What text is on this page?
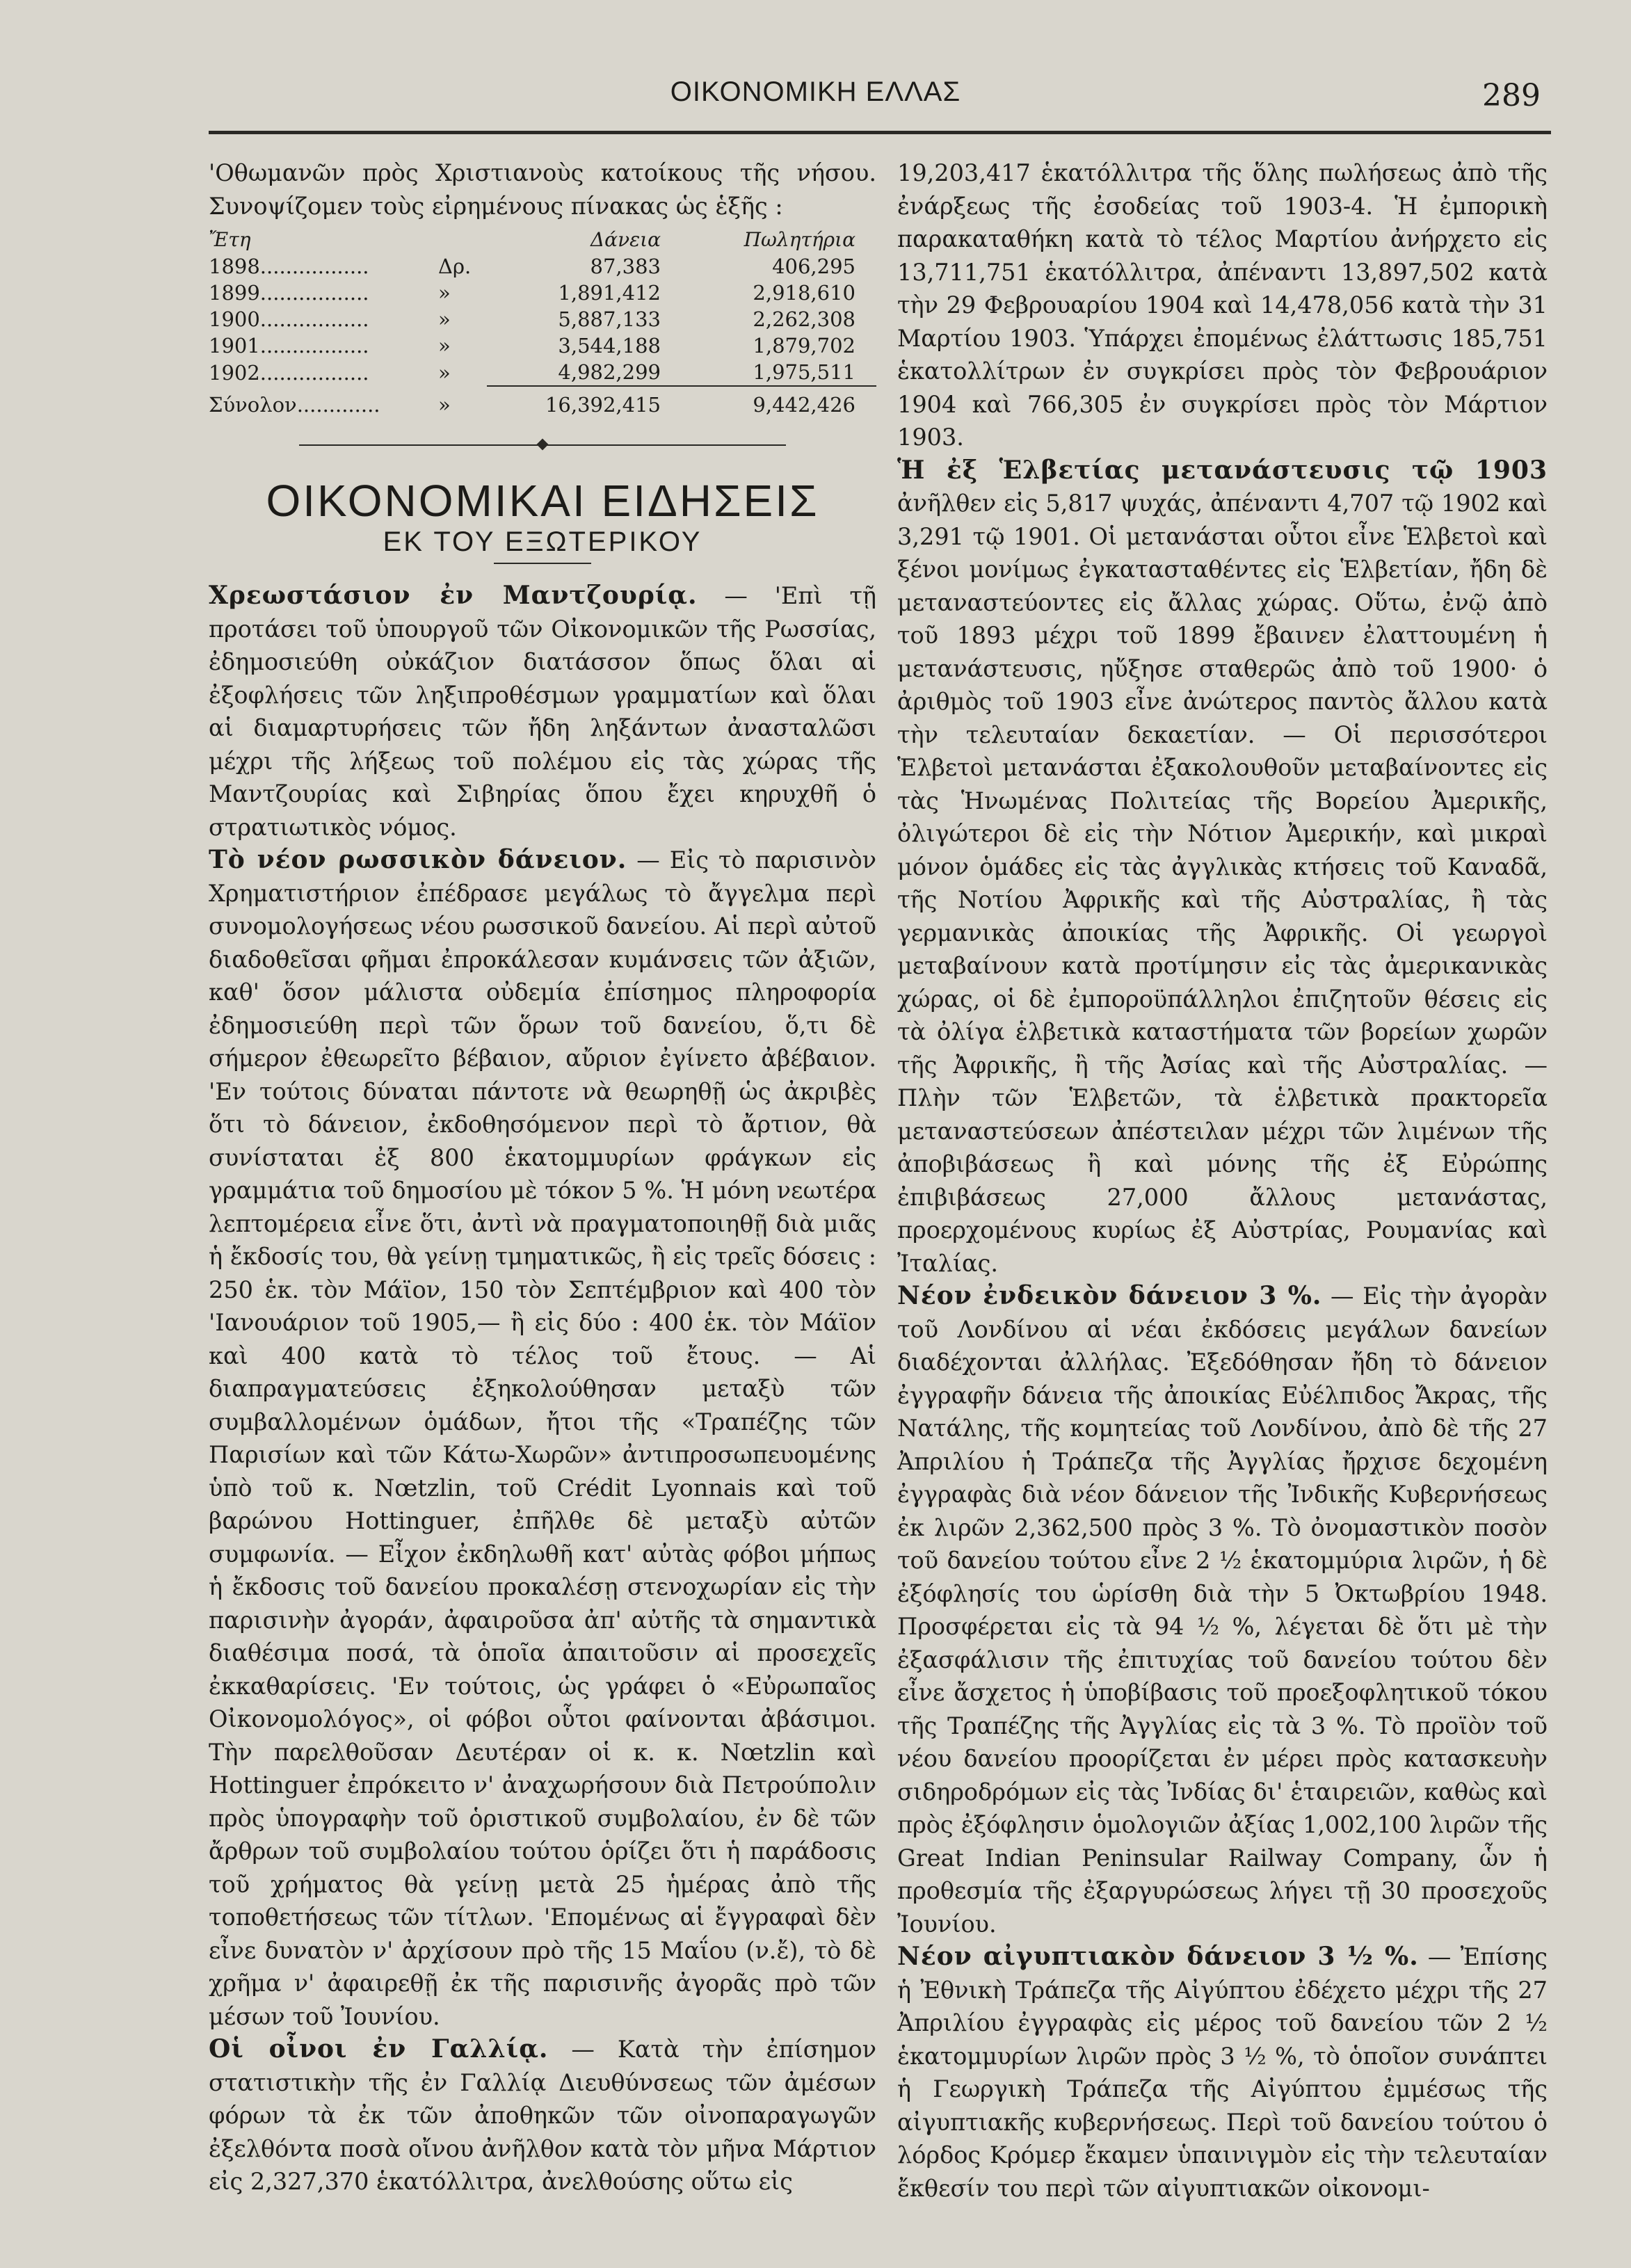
ΟΙΚΟΝΟΜΙΚΗ ΕΛΛΑΣ	289

'Οθωμανῶν πρὸς Χριστιανοὺς κατοίκους τῆς νήσου. Συνοψίζομεν τοὺς εἰρημένους πίνακας ὡς ἑξῆς :

Ἔτη		Δάνεια	Πωλητήρια
1898.................	Δρ.	87,383	406,295
1899.................	»	1,891,412	2,918,610
1900.................	»	5,887,133	2,262,308
1901.................	»	3,544,188	1,879,702
1902.................	»	4,982,299	1,975,511
Σύνολον.............	»	16,392,415	9,442,426
ΟΙΚΟΝΟΜΙΚΑΙ ΕΙΔΗΣΕΙΣ
ΕΚ ΤΟΥ ΕΞΩΤΕΡΙΚΟΥ

Χρεωστάσιον ἐν Μαντζουρίᾳ. — 'Επὶ τῇ προτάσει τοῦ ὑπουργοῦ τῶν Οἰκονομικῶν τῆς Ρωσσίας, ἐδημοσιεύθη οὐκάζιον διατάσσον ὅπως ὅλαι αἱ ἐξοφλήσεις τῶν ληξιπροθέσμων γραμματίων καὶ ὅλαι αἱ διαμαρτυρήσεις τῶν ἤδη ληξάντων ἀνασταλῶσι μέχρι τῆς λήξεως τοῦ πολέμου εἰς τὰς χώρας τῆς Μαντζουρίας καὶ Σιβηρίας ὅπου ἔχει κηρυχθῆ ὁ στρατιωτικὸς νόμος.

Τὸ νέον ρωσσικὸν δάνειον. — Εἰς τὸ παρισινὸν Χρηματιστήριον ἐπέδρασε μεγάλως τὸ ἄγγελμα περὶ συνομολογήσεως νέου ρωσσικοῦ δανείου. Αἱ περὶ αὐτοῦ διαδοθεῖσαι φῆμαι ἐπροκάλεσαν κυμάνσεις τῶν ἀξιῶν, καθ' ὅσον μάλιστα οὐδεμία ἐπίσημος πληροφορία ἐδημοσιεύθη περὶ τῶν ὅρων τοῦ δανείου, ὅ,τι δὲ σήμερον ἐθεωρεῖτο βέβαιον, αὔριον ἐγίνετο ἀβέβαιον. 'Εν τούτοις δύναται πάντοτε νὰ θεωρηθῇ ὡς ἀκριβὲς ὅτι τὸ δάνειον, ἐκδοθησόμενον περὶ τὸ ἄρτιον, θὰ συνίσταται ἐξ 800 ἑκατομμυρίων φράγκων εἰς γραμμάτια τοῦ δημοσίου μὲ τόκον 5 %. Ἡ μόνη νεωτέρα λεπτομέρεια εἶνε ὅτι, ἀντὶ νὰ πραγματοποιηθῇ διὰ μιᾶς ἡ ἔκδοσίς του, θὰ γείνῃ τμηματικῶς, ἢ εἰς τρεῖς δόσεις : 250 ἑκ. τὸν Μάϊον, 150 τὸν Σεπτέμβριον καὶ 400 τὸν 'Ιανουάριον τοῦ 1905,— ἢ εἰς δύο : 400 ἑκ. τὸν Μάϊον καὶ 400 κατὰ τὸ τέλος τοῦ ἔτους. — Αἱ διαπραγματεύσεις ἐξηκολούθησαν μεταξὺ τῶν συμβαλλομένων ὁμάδων, ἤτοι τῆς «Τραπέζης τῶν Παρισίων καὶ τῶν Κάτω-Χωρῶν» ἀντιπροσωπευομένης ὑπὸ τοῦ κ. Nœtzlin, τοῦ Crédit Lyonnais καὶ τοῦ βαρώνου Hottinguer, ἐπῆλθε δὲ μεταξὺ αὐτῶν συμφωνία. — Εἶχον ἐκδηλωθῆ κατ' αὐτὰς φόβοι μήπως ἡ ἔκδοσις τοῦ δανείου προκαλέσῃ στενοχωρίαν εἰς τὴν παρισινὴν ἀγοράν, ἀφαιροῦσα ἀπ' αὐτῆς τὰ σημαντικὰ διαθέσιμα ποσά, τὰ ὁποῖα ἀπαιτοῦσιν αἱ προσεχεῖς ἐκκαθαρίσεις. 'Εν τούτοις, ὡς γράφει ὁ «Εὐρωπαῖος Οἰκονομολόγος», οἱ φόβοι οὗτοι φαίνονται ἀβάσιμοι. Τὴν παρελθοῦσαν Δευτέραν οἱ κ. κ. Nœtzlin καὶ Hottinguer ἐπρόκειτο ν' ἀναχωρήσουν διὰ Πετρούπολιν πρὸς ὑπογραφὴν τοῦ ὁριστικοῦ συμβολαίου, ἐν δὲ τῶν ἄρθρων τοῦ συμβολαίου τούτου ὁρίζει ὅτι ἡ παράδοσις τοῦ χρήματος θὰ γείνῃ μετὰ 25 ἡμέρας ἀπὸ τῆς τοποθετήσεως τῶν τίτλων. 'Επομένως αἱ ἔγγραφαὶ δὲν εἶνε δυνατὸν ν' ἀρχίσουν πρὸ τῆς 15 Μαΐου (ν.ἔ), τὸ δὲ χρῆμα ν' ἀφαιρεθῇ ἐκ τῆς παρισινῆς ἀγορᾶς πρὸ τῶν μέσων τοῦ Ἰουνίου.

Οἱ οἶνοι ἐν Γαλλίᾳ. — Κατὰ τὴν ἐπίσημον στατιστικὴν τῆς ἐν Γαλλίᾳ Διευθύνσεως τῶν ἀμέσων φόρων τὰ ἐκ τῶν ἀποθηκῶν τῶν οἰνοπαραγωγῶν ἐξελθόντα ποσὰ οἴνου ἀνῆλθον κατὰ τὸν μῆνα Μάρτιον εἰς 2,327,370 ἑκατόλλιτρα, ἀνελθούσης οὕτω εἰς

19,203,417 ἑκατόλλιτρα τῆς ὅλης πωλήσεως ἀπὸ τῆς ἐνάρξεως τῆς ἐσοδείας τοῦ 1903-4. Ἡ ἐμπορικὴ παρακαταθήκη κατὰ τὸ τέλος Μαρτίου ἀνήρχετο εἰς 13,711,751 ἑκατόλλιτρα, ἀπέναντι 13,897,502 κατὰ τὴν 29 Φεβρουαρίου 1904 καὶ 14,478,056 κατὰ τὴν 31 Μαρτίου 1903. Ὑπάρχει ἐπομένως ἐλάττωσις 185,751 ἑκατολλίτρων ἐν συγκρίσει πρὸς τὸν Φεβρουάριον 1904 καὶ 766,305 ἐν συγκρίσει πρὸς τὸν Μάρτιον 1903.

Ἡ ἐξ Ἑλβετίας μετανάστευσις τῷ 1903 ἀνῆλθεν εἰς 5,817 ψυχάς, ἀπέναντι 4,707 τῷ 1902 καὶ 3,291 τῷ 1901. Οἱ μετανάσται οὗτοι εἶνε Ἑλβετοὶ καὶ ξένοι μονίμως ἐγκατασταθέντες εἰς Ἑλβετίαν, ἤδη δὲ μεταναστεύοντες εἰς ἄλλας χώρας. Οὕτω, ἐνῷ ἀπὸ τοῦ 1893 μέχρι τοῦ 1899 ἔβαινεν ἐλαττουμένη ἡ μετανάστευσις, ηὔξησε σταθερῶς ἀπὸ τοῦ 1900· ὁ ἀριθμὸς τοῦ 1903 εἶνε ἀνώτερος παντὸς ἄλλου κατὰ τὴν τελευταίαν δεκαετίαν. — Οἱ περισσότεροι Ἑλβετοὶ μετανάσται ἐξακολουθοῦν μεταβαίνοντες εἰς τὰς Ἡνωμένας Πολιτείας τῆς Βορείου Ἀμερικῆς, ὀλιγώτεροι δὲ εἰς τὴν Νότιον Ἀμερικήν, καὶ μικραὶ μόνον ὁμάδες εἰς τὰς ἀγγλικὰς κτήσεις τοῦ Καναδᾶ, τῆς Νοτίου Ἀφρικῆς καὶ τῆς Αὐστραλίας, ἢ τὰς γερμανικὰς ἀποικίας τῆς Ἀφρικῆς. Οἱ γεωργοὶ μεταβαίνουν κατὰ προτίμησιν εἰς τὰς ἀμερικανικὰς χώρας, οἱ δὲ ἐμποροϋπάλληλοι ἐπιζητοῦν θέσεις εἰς τὰ ὀλίγα ἑλβετικὰ καταστήματα τῶν βορείων χωρῶν τῆς Ἀφρικῆς, ἢ τῆς Ἀσίας καὶ τῆς Αὐστραλίας. — Πλὴν τῶν Ἑλβετῶν, τὰ ἑλβετικὰ πρακτορεῖα μεταναστεύσεων ἀπέστειλαν μέχρι τῶν λιμένων τῆς ἀποβιβάσεως ἢ καὶ μόνης τῆς ἐξ Εὐρώπης ἐπιβιβάσεως 27,000 ἄλλους μετανάστας, προερχομένους κυρίως ἐξ Αὐστρίας, Ρουμανίας καὶ Ἰταλίας.

Νέον ἐνδεικὸν δάνειον 3 %. — Εἰς τὴν ἀγορὰν τοῦ Λονδίνου αἱ νέαι ἐκδόσεις μεγάλων δανείων διαδέχονται ἀλλήλας. Ἐξεδόθησαν ἤδη τὸ δάνειον ἐγγραφῆν δάνεια τῆς ἀποικίας Εὐέλπιδος Ἄκρας, τῆς Νατάλης, τῆς κομητείας τοῦ Λονδίνου, ἀπὸ δὲ τῆς 27 Ἀπριλίου ἡ Τράπεζα τῆς Ἀγγλίας ἤρχισε δεχομένη ἐγγραφὰς διὰ νέον δάνειον τῆς Ἰνδικῆς Κυβερνήσεως ἐκ λιρῶν 2,362,500 πρὸς 3 %. Τὸ ὀνομαστικὸν ποσὸν τοῦ δανείου τούτου εἶνε 2 ½ ἑκατομμύρια λιρῶν, ἡ δὲ ἐξόφλησίς του ὡρίσθη διὰ τὴν 5 Ὀκτωβρίου 1948. Προσφέρεται εἰς τὰ 94 ½ %, λέγεται δὲ ὅτι μὲ τὴν ἐξασφάλισιν τῆς ἐπιτυχίας τοῦ δανείου τούτου δὲν εἶνε ἄσχετος ἡ ὑποβίβασις τοῦ προεξοφλητικοῦ τόκου τῆς Τραπέζης τῆς Ἀγγλίας εἰς τὰ 3 %. Τὸ προϊὸν τοῦ νέου δανείου προορίζεται ἐν μέρει πρὸς κατασκευὴν σιδηροδρόμων εἰς τὰς Ἰνδίας δι' ἑταιρειῶν, καθὼς καὶ πρὸς ἐξόφλησιν ὁμολογιῶν ἀξίας 1,002,100 λιρῶν τῆς Great Indian Peninsular Railway Company, ὧν ἡ προθεσμία τῆς ἐξαργυρώσεως λήγει τῇ 30 προσεχοῦς Ἰουνίου.

Νέον αἰγυπτιακὸν δάνειον 3 ½ %. — Ἐπίσης ἡ Ἐθνικὴ Τράπεζα τῆς Αἰγύπτου ἐδέχετο μέχρι τῆς 27 Ἀπριλίου ἐγγραφὰς εἰς μέρος τοῦ δανείου τῶν 2 ½ ἑκατομμυρίων λιρῶν πρὸς 3 ½ %, τὸ ὁποῖον συνάπτει ἡ Γεωργικὴ Τράπεζα τῆς Αἰγύπτου ἐμμέσως τῆς αἰγυπτιακῆς κυβερνήσεως. Περὶ τοῦ δανείου τούτου ὁ λόρδος Κρόμερ ἔκαμεν ὑπαινιγμὸν εἰς τὴν τελευταίαν ἔκθεσίν του περὶ τῶν αἰγυπτιακῶν οἰκονομι-
